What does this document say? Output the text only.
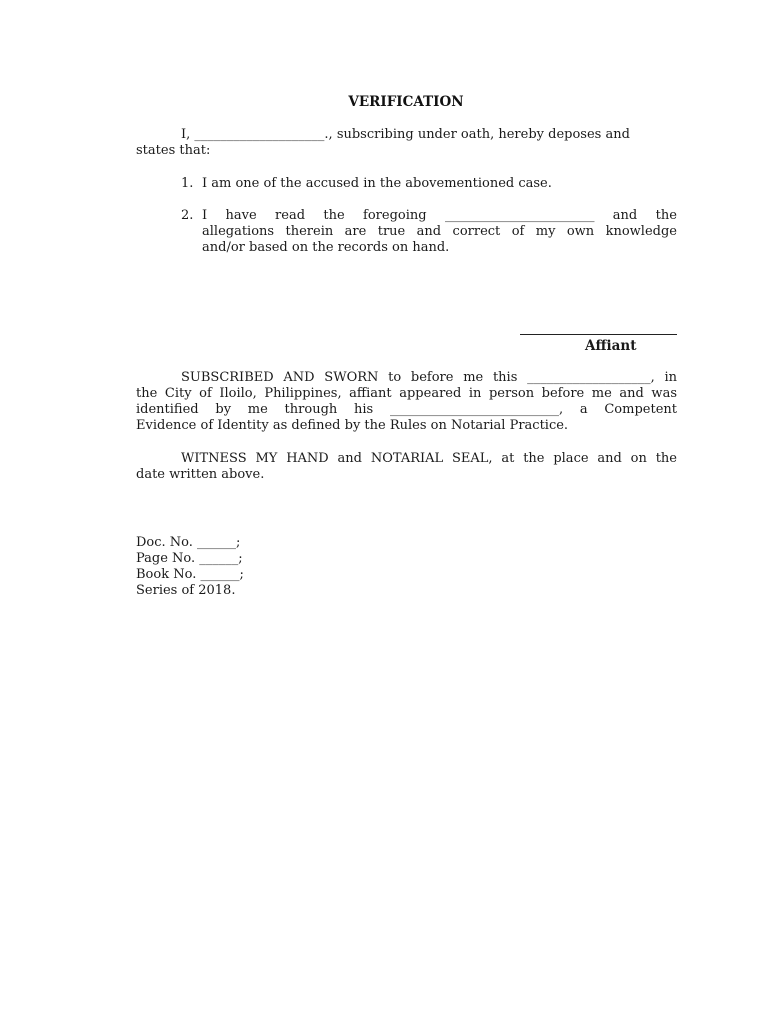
VERIFICATION
I, ____________________., subscribing under oath, hereby deposes and
states that:
1. I am one of the accused in the abovementioned case.
2. I have read the foregoing _______________________ and the
allegations therein are true and correct of my own knowledge
and/or based on the records on hand.
Affiant
SUBSCRIBED AND SWORN to before me this ___________________, in
the City of Iloilo, Philippines, affiant appeared in person before me and was
identified by me through his __________________________, a Competent
Evidence of Identity as defined by the Rules on Notarial Practice.
WITNESS MY HAND and NOTARIAL SEAL, at the place and on the
date written above.
Doc. No. ______;
Page No. ______;
Book No. ______;
Series of 2018.
